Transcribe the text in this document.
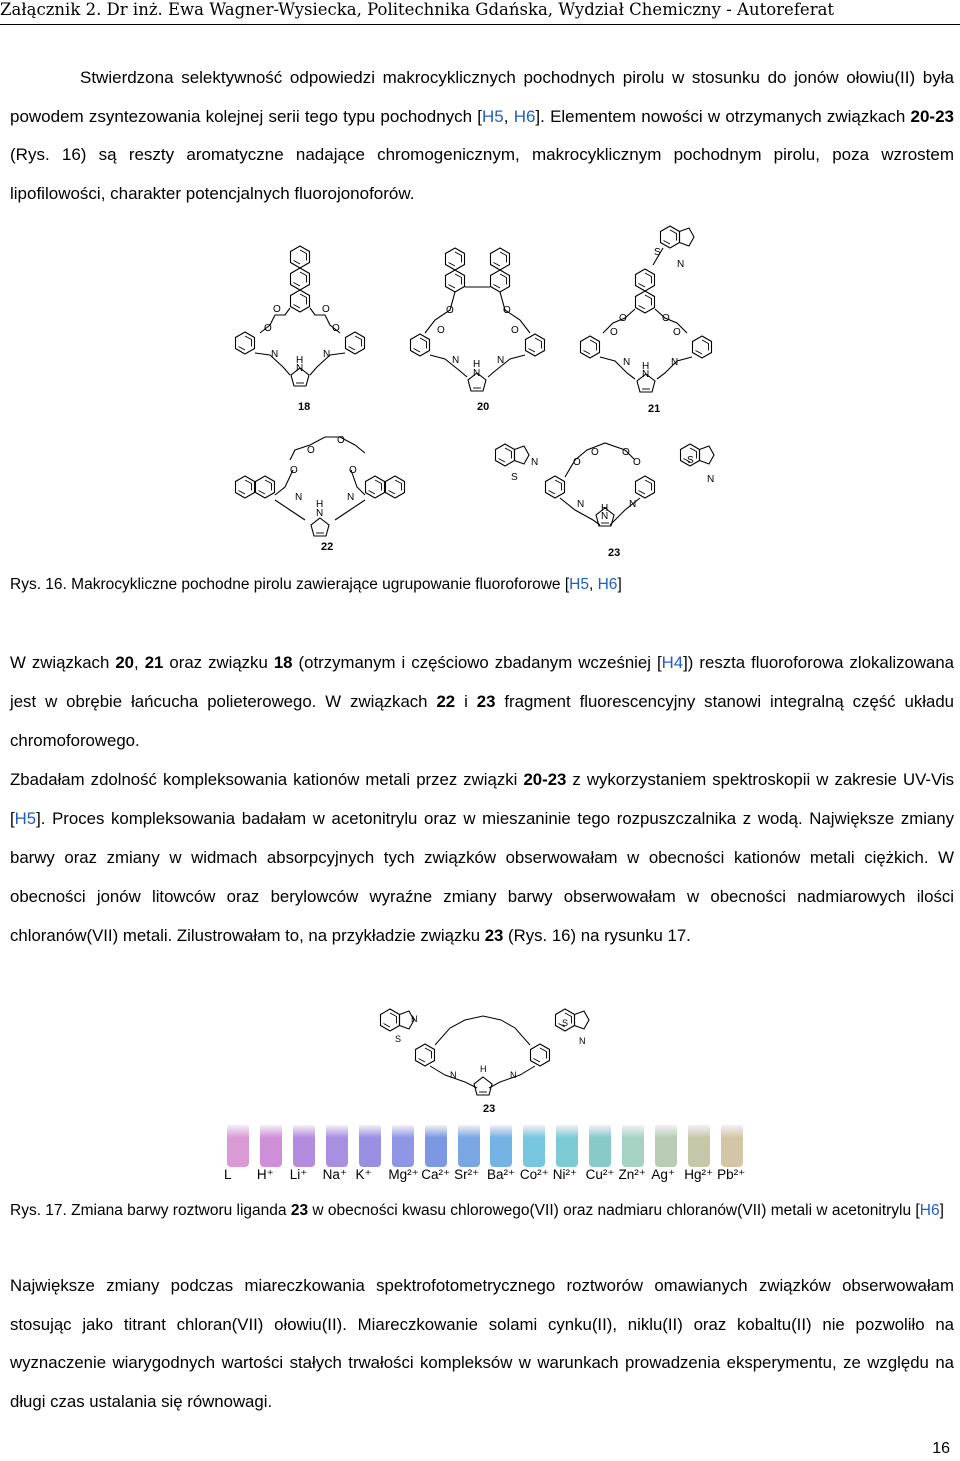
Załącznik 2. Dr inż. Ewa Wagner-Wysiecka, Politechnika Gdańska, Wydział Chemiczny - Autoreferat

Stwierdzona selektywność odpowiedzi makrocyklicznych pochodnych pirolu w stosunku do jonów ołowiu(II) była powodem zsyntezowania kolejnej serii tego typu pochodnych [H5, H6]. Elementem nowości w otrzymanych związkach 20-23 (Rys. 16) są reszty aromatyczne nadające chromogenicznym, makrocyklicznym pochodnym pirolu, poza wzrostem lipofilowości, charakter potencjalnych fluorojonoforów.

O	O
O	O
N	N
H
N
O	O
O	O
N	N
H
N
S
N
O	O
O	O
N	N
H
N
O
O
O
O
N	N
H
N
S
N	S
N
O
O O
O
N	N
H
N
18	20	21
22	23

Rys. 16. Makrocykliczne pochodne pirolu zawierające ugrupowanie fluoroforowe [H5, H6]

W związkach 20, 21 oraz związku 18 (otrzymanym i częściowo zbadanym wcześniej [H4]) reszta fluoroforowa zlokalizowana jest w obrębie łańcucha polieterowego. W związkach 22 i 23 fragment fluorescencyjny stanowi integralną część układu chromoforowego.

Zbadałam zdolność kompleksowania kationów metali przez związki 20-23 z wykorzystaniem spektroskopii w zakresie UV-Vis [H5]. Proces kompleksowania badałam w acetonitrylu oraz w mieszaninie tego rozpuszczalnika z wodą. Największe zmiany barwy oraz zmiany w widmach absorpcyjnych tych związków obserwowałam w obecności kationów metali ciężkich. W obecności jonów litowców oraz berylowców wyraźne zmiany barwy obserwowałam w obecności nadmiarowych ilości chloranów(VII) metali. Zilustrowałam to, na przykładzie związku 23 (Rys. 16) na rysunku 17.

S
N	S
N
N	N
H
23
L H⁺ Li⁺ Na⁺ K⁺ Mg²⁺ Ca²⁺ Sr²⁺ Ba²⁺ Co²⁺ Ni²⁺ Cu²⁺ Zn²⁺ Ag⁺ Hg²⁺ Pb²⁺

Rys. 17. Zmiana barwy roztworu liganda 23 w obecności kwasu chlorowego(VII) oraz nadmiaru chloranów(VII) metali w acetonitrylu [H6]

Największe zmiany podczas miareczkowania spektrofotometrycznego roztworów omawianych związków obserwowałam stosując jako titrant chloran(VII) ołowiu(II). Miareczkowanie solami cynku(II), niklu(II) oraz kobaltu(II) nie pozwoliło na wyznaczenie wiarygodnych wartości stałych trwałości kompleksów w warunkach prowadzenia eksperymentu, ze względu na długi czas ustalania się równowagi.

16
